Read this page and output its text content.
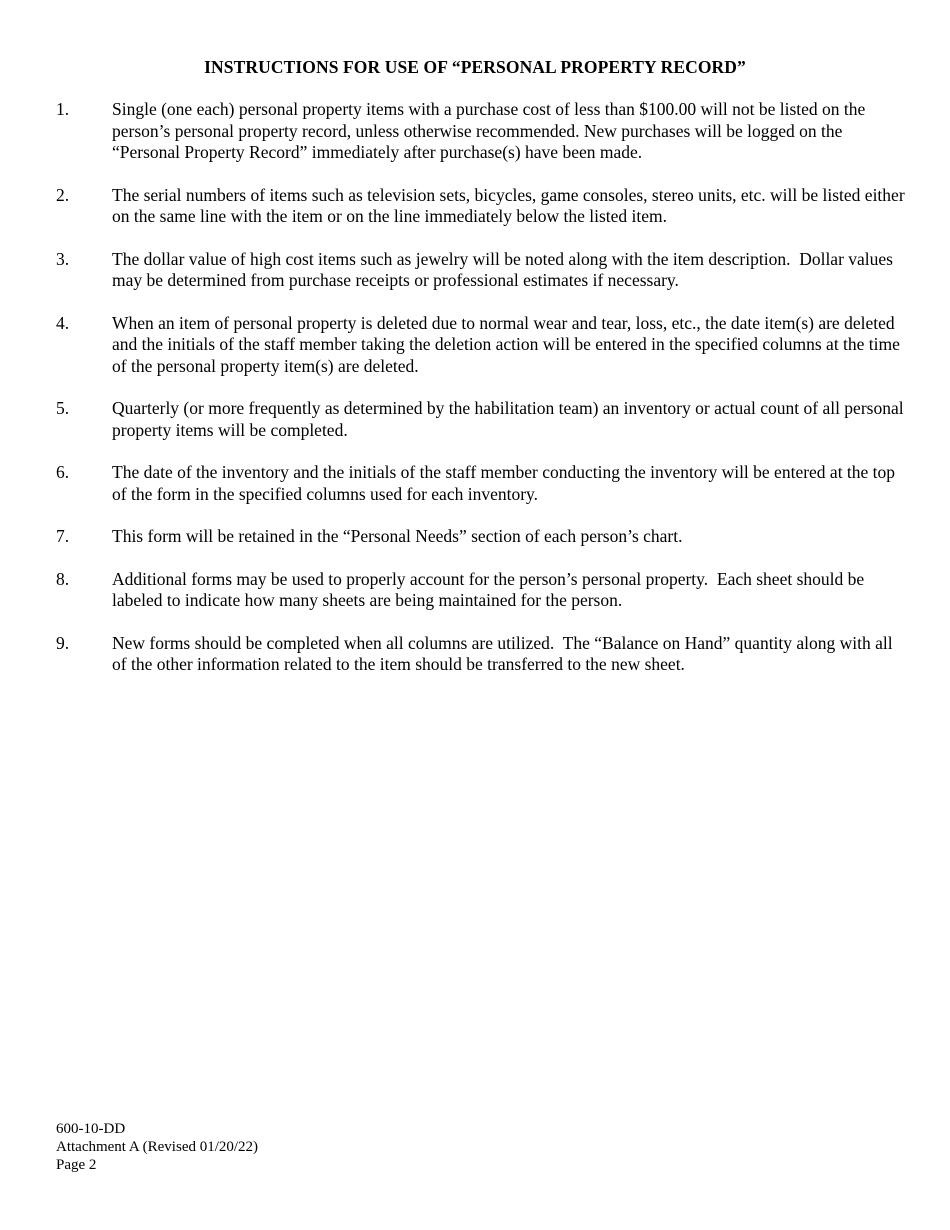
INSTRUCTIONS FOR USE OF “PERSONAL PROPERTY RECORD”
1.	Single (one each) personal property items with a purchase cost of less than $100.00 will not be listed on the person’s personal property record, unless otherwise recommended. New purchases will be logged on the “Personal Property Record” immediately after purchase(s) have been made.
2.	The serial numbers of items such as television sets, bicycles, game consoles, stereo units, etc. will be listed either on the same line with the item or on the line immediately below the listed item.
3.	The dollar value of high cost items such as jewelry will be noted along with the item description.  Dollar values may be determined from purchase receipts or professional estimates if necessary.
4.	When an item of personal property is deleted due to normal wear and tear, loss, etc., the date item(s) are deleted and the initials of the staff member taking the deletion action will be entered in the specified columns at the time of the personal property item(s) are deleted.
5.	Quarterly (or more frequently as determined by the habilitation team) an inventory or actual count of all personal property items will be completed.
6.	The date of the inventory and the initials of the staff member conducting the inventory will be entered at the top of the form in the specified columns used for each inventory.
7.	This form will be retained in the “Personal Needs” section of each person’s chart.
8.	Additional forms may be used to properly account for the person’s personal property.  Each sheet should be labeled to indicate how many sheets are being maintained for the person.
9.	New forms should be completed when all columns are utilized.  The “Balance on Hand” quantity along with all of the other information related to the item should be transferred to the new sheet.
600-10-DD
Attachment A (Revised 01/20/22)
Page 2
